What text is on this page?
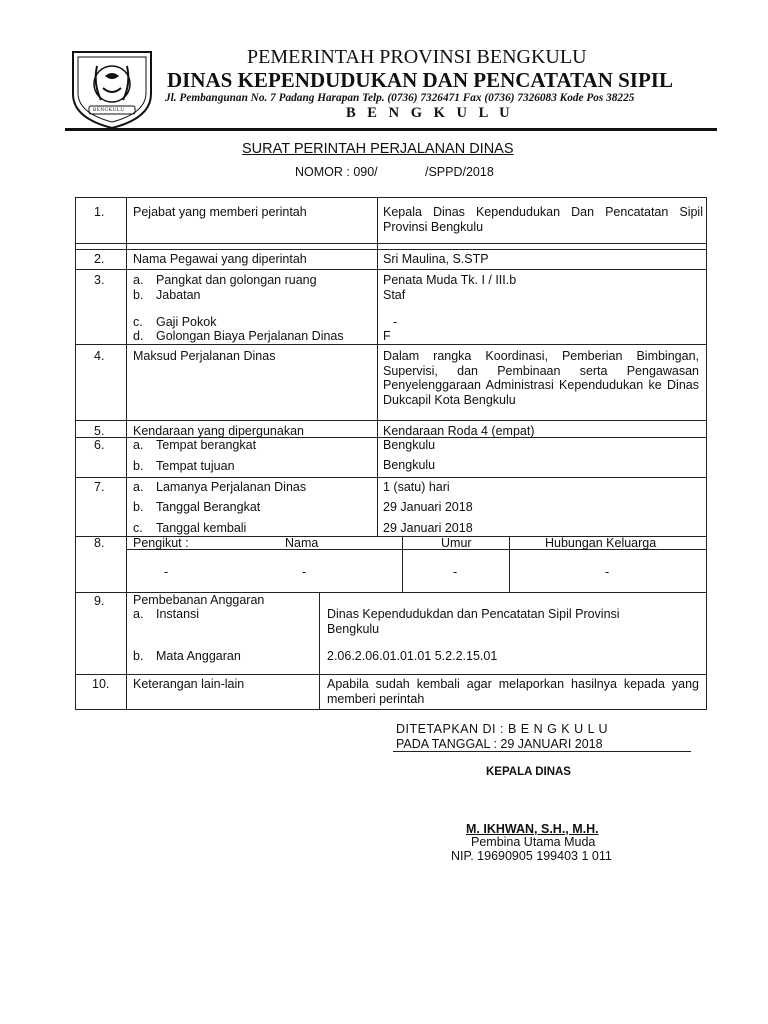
BENGKULU
PEMERINTAH PROVINSI BENGKULU
DINAS KEPENDUDUKAN DAN PENCATATAN SIPIL
Jl. Pembangunan No. 7 Padang Harapan Telp. (0736) 7326471 Fax (0736) 7326083 Kode Pos 38225
B E N G K U L U
SURAT PERINTAH PERJALANAN DINAS
NOMOR : 090/	/SPPD/2018
1. Pejabat yang memberi perintah	Kepala Dinas Kependudukan Dan Pencatatan Sipil Provinsi Bengkulu
2. Nama Pegawai yang diperintah	Sri Maulina, S.STP
3. a. Pangkat dan golongan ruang	Penata Muda Tk. I / III.b
b. Jabatan	Staf
c. Gaji Pokok	-
d. Golongan Biaya Perjalanan Dinas	F
4. Maksud Perjalanan Dinas	Dalam rangka Koordinasi, Pemberian Bimbingan, Supervisi, dan Pembinaan serta Pengawasan Penyelenggaraan Administrasi Kependudukan ke Dinas Dukcapil Kota Bengkulu
5. Kendaraan yang dipergunakan	Kendaraan Roda 4 (empat)
6. a. Tempat berangkat	Bengkulu
b. Tempat tujuan	Bengkulu
7. a. Lamanya Perjalanan Dinas	1 (satu) hari
b. Tanggal Berangkat	29 Januari 2018
c. Tanggal kembali	29 Januari 2018
8. Pengikut :	Nama	Umur	Hubungan Keluarga
-	-	-	-
9. Pembebanan Anggaran
a. Instansi	Dinas Kependudukdan dan Pencatatan Sipil Provinsi Bengkulu
b. Mata Anggaran	2.06.2.06.01.01.01 5.2.2.15.01
10. Keterangan lain-lain	Apabila sudah kembali agar melaporkan hasilnya kepada yang memberi perintah
DITETAPKAN DI : B E N G K U L U
PADA TANGGAL : 29 JANUARI 2018
KEPALA DINAS
M. IKHWAN, S.H., M.H.
Pembina Utama Muda
NIP. 19690905 199403 1 011
